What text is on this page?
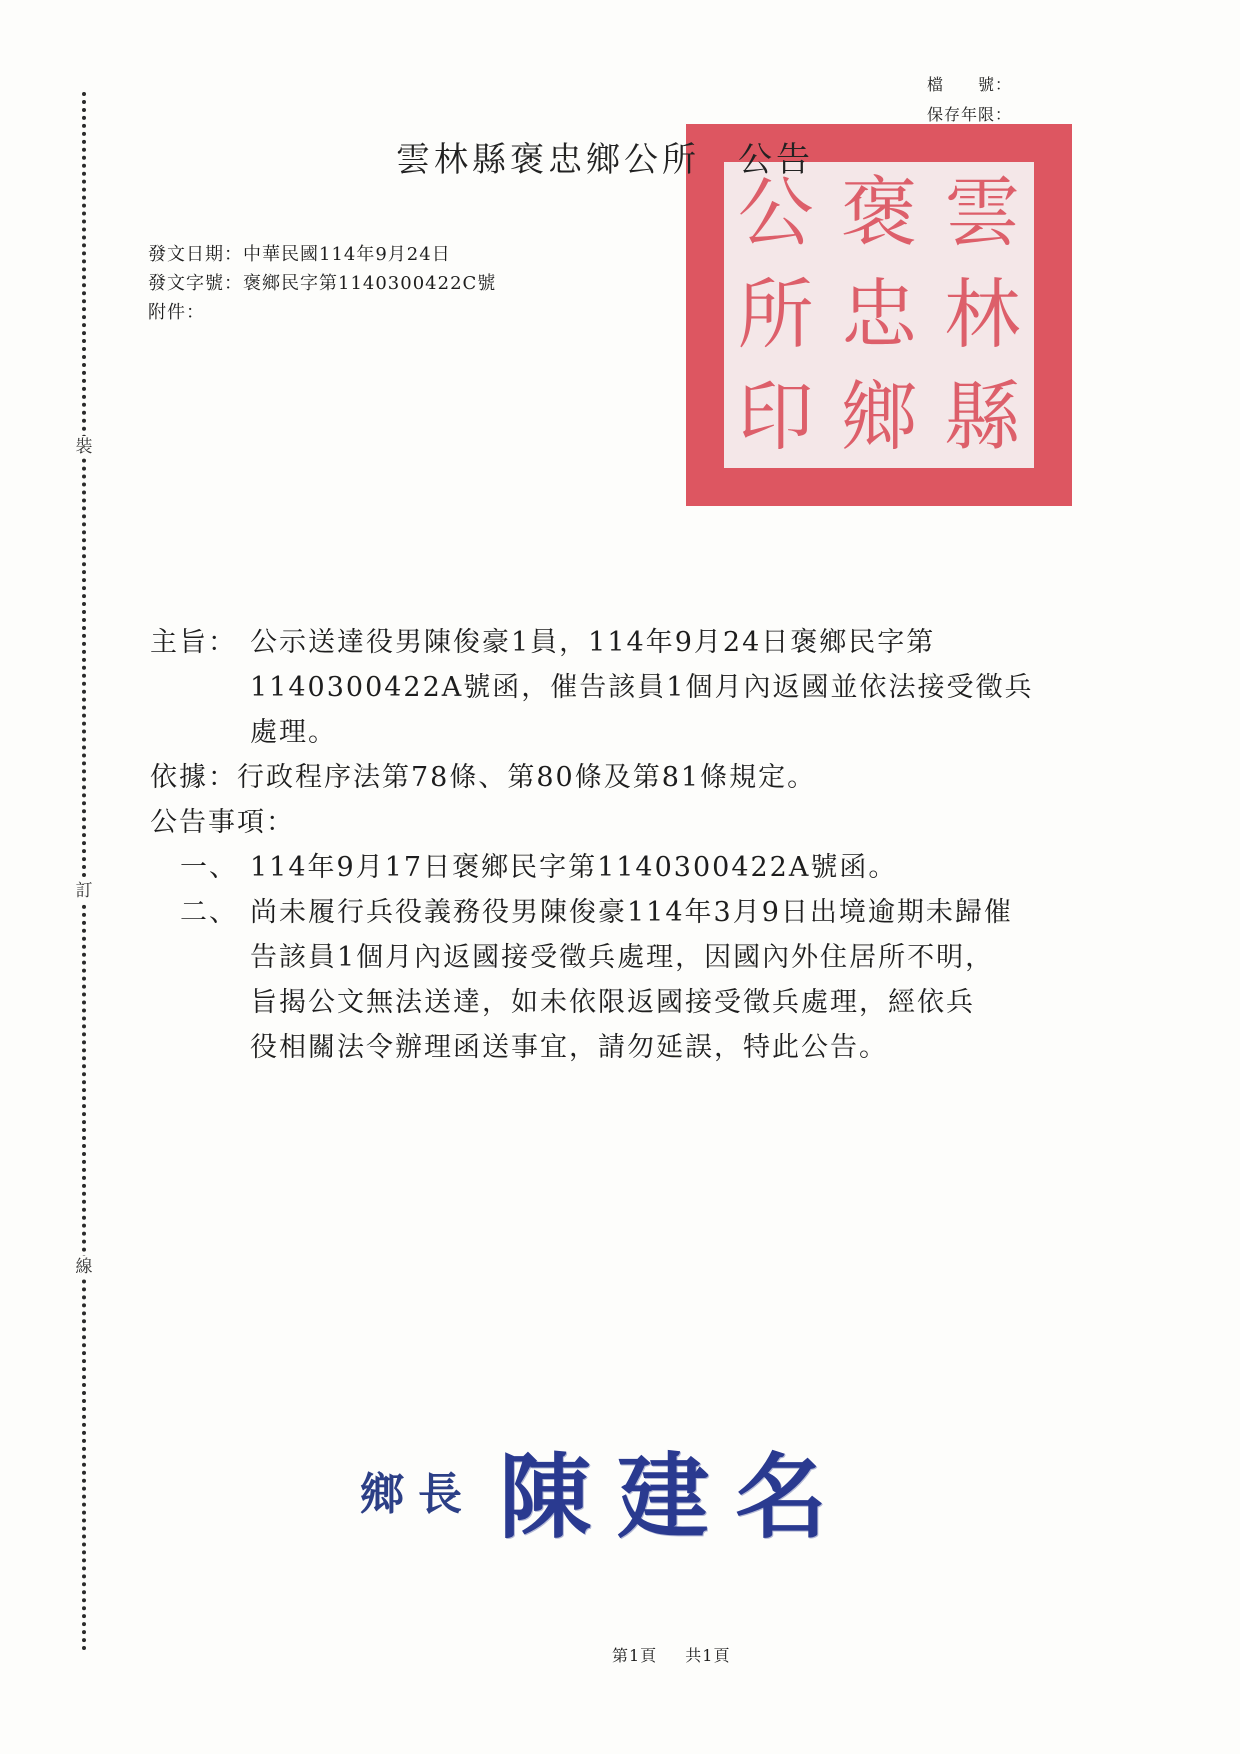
裝
訂
線
檔　　號：
保存年限：
雲
褒
公
林
忠
所
縣
鄉
印
雲林縣褒忠鄉公所　公告
發文日期：中華民國114年9月24日
發文字號：褒鄉民字第1140300422C號
附件：
主旨： 公示送達役男陳俊豪1員，114年9月24日褒鄉民字第
1140300422A號函，催告該員1個月內返國並依法接受徵兵
處理。
依據：行政程序法第78條、第80條及第81條規定。
公告事項：
一、 114年9月17日褒鄉民字第1140300422A號函。
二、 尚未履行兵役義務役男陳俊豪114年3月9日出境逾期未歸催
告該員1個月內返國接受徵兵處理，因國內外住居所不明，
旨揭公文無法送達，如未依限返國接受徵兵處理，經依兵
役相關法令辦理函送事宜，請勿延誤，特此公告。
鄉長 陳建名
第1頁 共1頁
